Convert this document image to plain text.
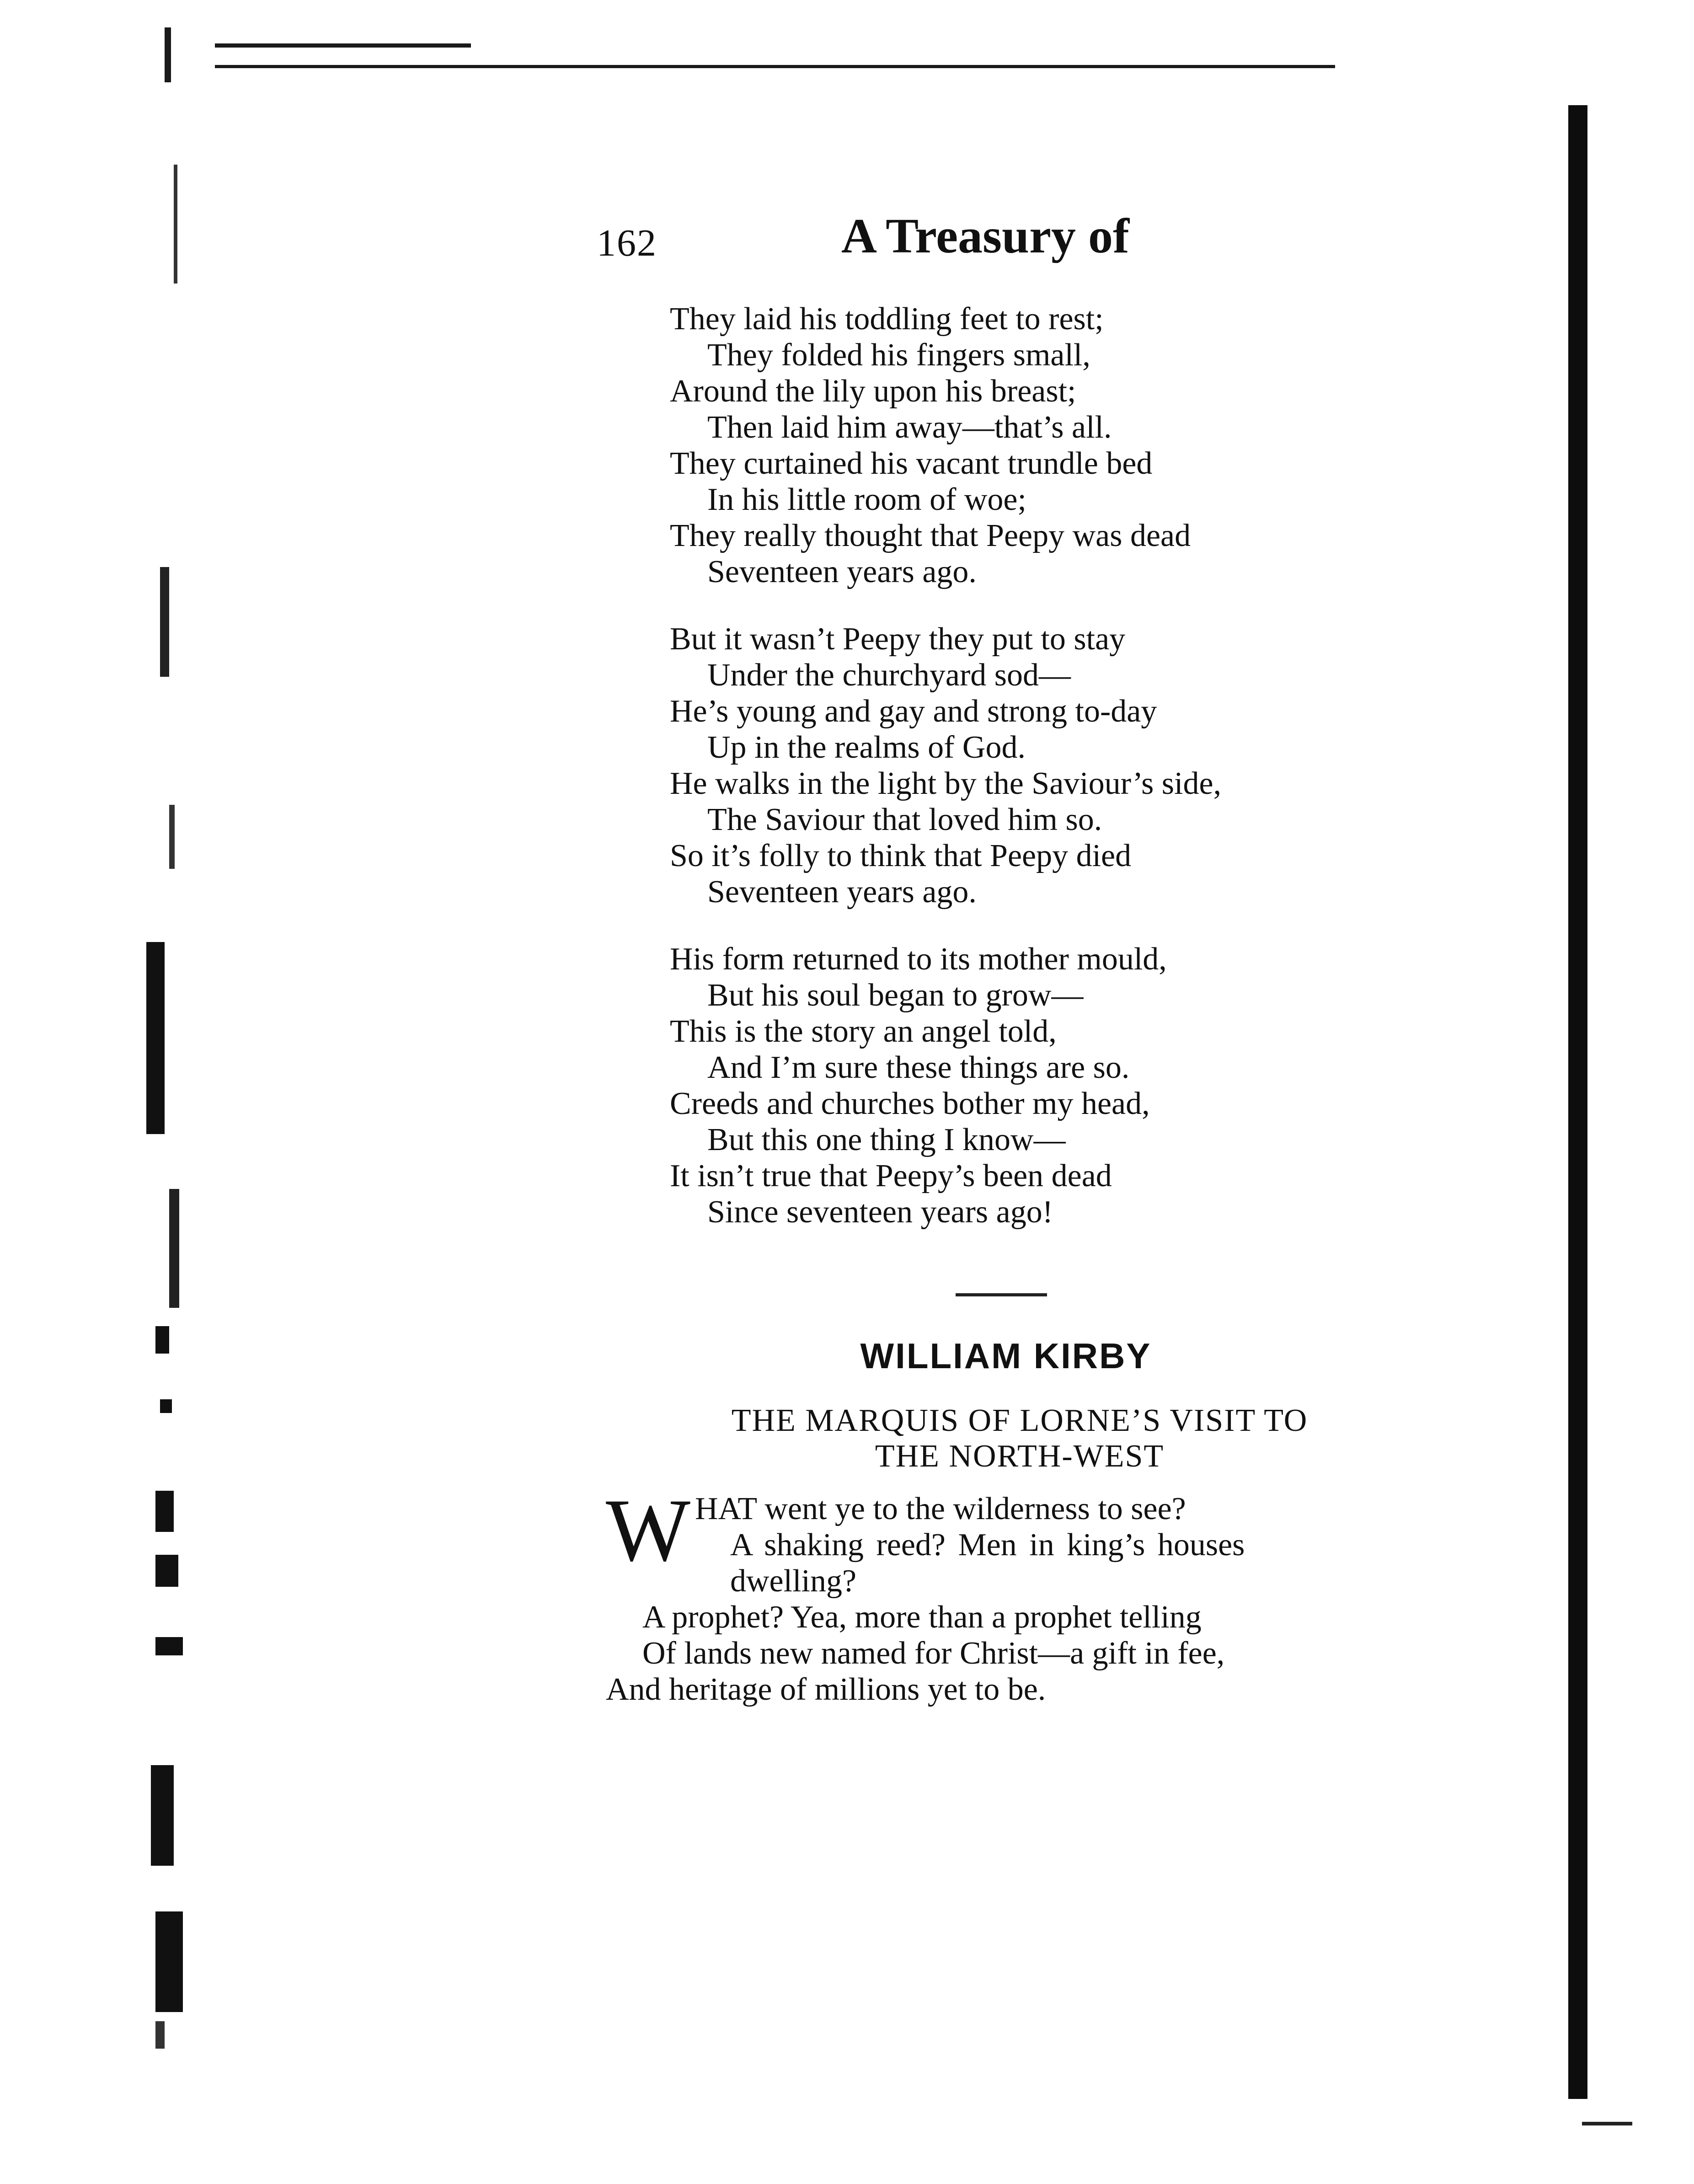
162	A Treasury of
They laid his toddling feet to rest;
They folded his fingers small,
Around the lily upon his breast;
Then laid him away—that’s all.
They curtained his vacant trundle bed
In his little room of woe;
They really thought that Peepy was dead
Seventeen years ago.
But it wasn’t Peepy they put to stay
Under the churchyard sod—
He’s young and gay and strong to-day
Up in the realms of God.
He walks in the light by the Saviour’s side,
The Saviour that loved him so.
So it’s folly to think that Peepy died
Seventeen years ago.
His form returned to its mother mould,
But his soul began to grow—
This is the story an angel told,
And I’m sure these things are so.
Creeds and churches bother my head,
But this one thing I know—
It isn’t true that Peepy’s been dead
Since seventeen years ago!
WILLIAM KIRBY
THE MARQUIS OF LORNE’S VISIT TO
THE NORTH-WEST
W HAT went ye to the wilderness to see?
A shaking reed? Men in king’s houses
dwelling?
A prophet? Yea, more than a prophet telling
Of lands new named for Christ—a gift in fee,
And heritage of millions yet to be.
